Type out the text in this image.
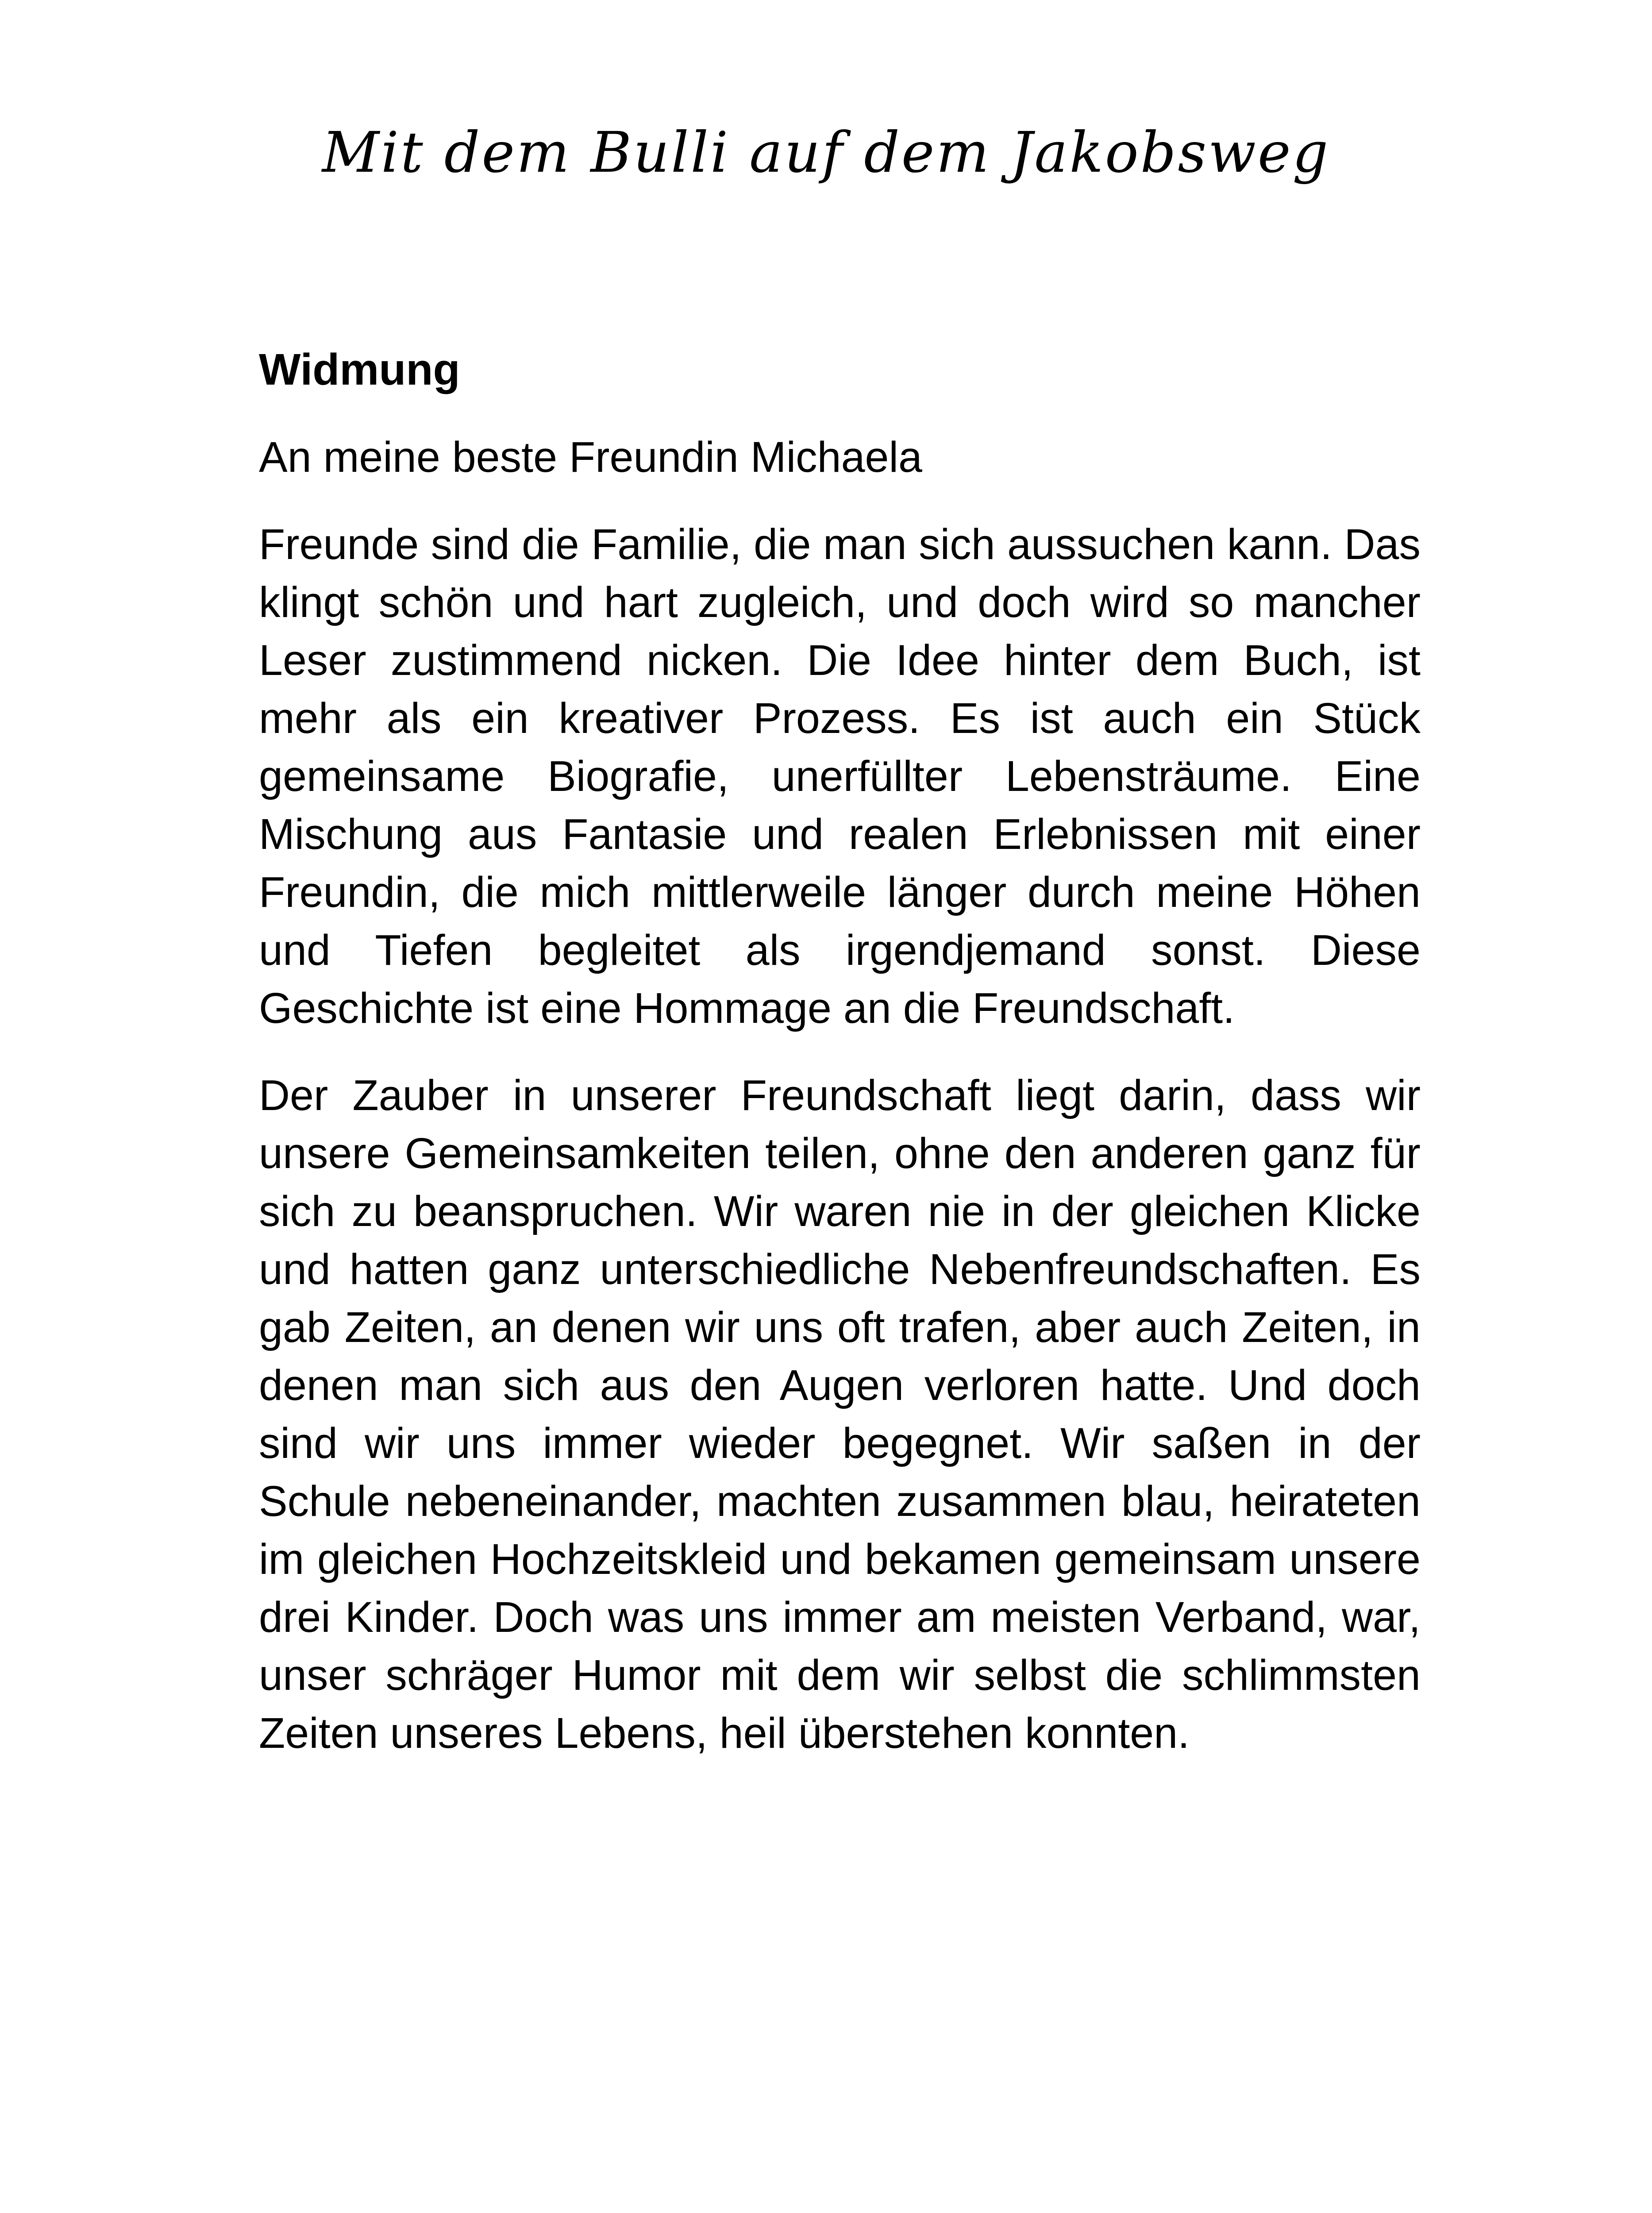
Mit dem Bulli auf dem Jakobsweg

Widmung

An meine beste Freundin Michaela

Freunde sind die Familie, die man sich aussuchen kann. Das klingt schön und hart zugleich, und doch wird so mancher Leser zustimmend nicken. Die Idee hinter dem Buch, ist mehr als ein kreativer Prozess. Es ist auch ein Stück gemeinsame Biografie, unerfüllter Lebensträume. Eine Mischung aus Fantasie und realen Erlebnissen mit einer Freundin, die mich mittlerweile länger durch meine Höhen und Tiefen begleitet als irgendjemand sonst. Diese Geschichte ist eine Hommage an die Freundschaft.

Der Zauber in unserer Freundschaft liegt darin, dass wir unsere Gemeinsamkeiten teilen, ohne den anderen ganz für sich zu beanspruchen. Wir waren nie in der gleichen Klicke und hatten ganz unterschiedliche Nebenfreundschaften. Es gab Zeiten, an denen wir uns oft trafen, aber auch Zeiten, in denen man sich aus den Augen verloren hatte. Und doch sind wir uns immer wieder begegnet. Wir saßen in der Schule nebeneinander, machten zusammen blau, heirateten im gleichen Hochzeitskleid und bekamen gemeinsam unsere drei Kinder. Doch was uns immer am meisten Verband, war, unser schräger Humor mit dem wir selbst die schlimmsten Zeiten unseres Lebens, heil überstehen konnten.
